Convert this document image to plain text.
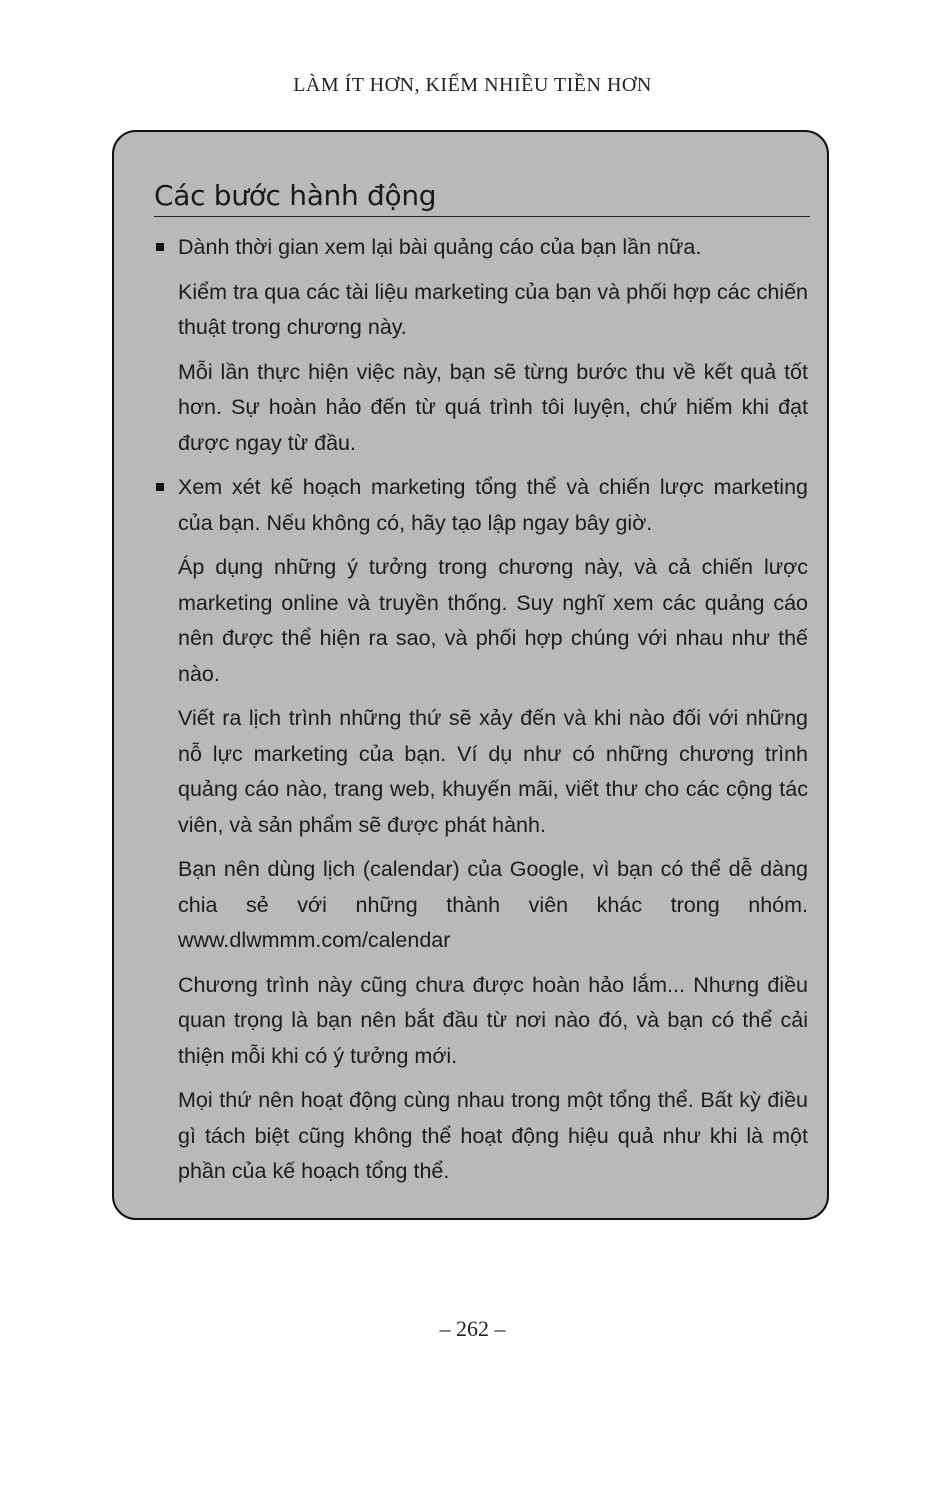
LÀM ÍT HƠN, KIẾM NHIỀU TIỀN HƠN
Các bước hành động

Dành thời gian xem lại bài quảng cáo của bạn lần nữa.

Kiểm tra qua các tài liệu marketing của bạn và phối hợp các chiến thuật trong chương này.

Mỗi lần thực hiện việc này, bạn sẽ từng bước thu về kết quả tốt hơn. Sự hoàn hảo đến từ quá trình tôi luyện, chứ hiếm khi đạt được ngay từ đầu.

Xem xét kế hoạch marketing tổng thể và chiến lược marketing của bạn. Nếu không có, hãy tạo lập ngay bây giờ.

Áp dụng những ý tưởng trong chương này, và cả chiến lược marketing online và truyền thống. Suy nghĩ xem các quảng cáo nên được thể hiện ra sao, và phối hợp chúng với nhau như thế nào.

Viết ra lịch trình những thứ sẽ xảy đến và khi nào đối với những nỗ lực marketing của bạn. Ví dụ như có những chương trình quảng cáo nào, trang web, khuyến mãi, viết thư cho các cộng tác viên, và sản phẩm sẽ được phát hành.

Bạn nên dùng lịch (calendar) của Google, vì bạn có thể dễ dàng chia sẻ với những thành viên khác trong nhóm. www.dlwmmm.com/calendar

Chương trình này cũng chưa được hoàn hảo lắm... Nhưng điều quan trọng là bạn nên bắt đầu từ nơi nào đó, và bạn có thể cải thiện mỗi khi có ý tưởng mới.

Mọi thứ nên hoạt động cùng nhau trong một tổng thể. Bất kỳ điều gì tách biệt cũng không thể hoạt động hiệu quả như khi là một phần của kế hoạch tổng thể.

– 262 –
